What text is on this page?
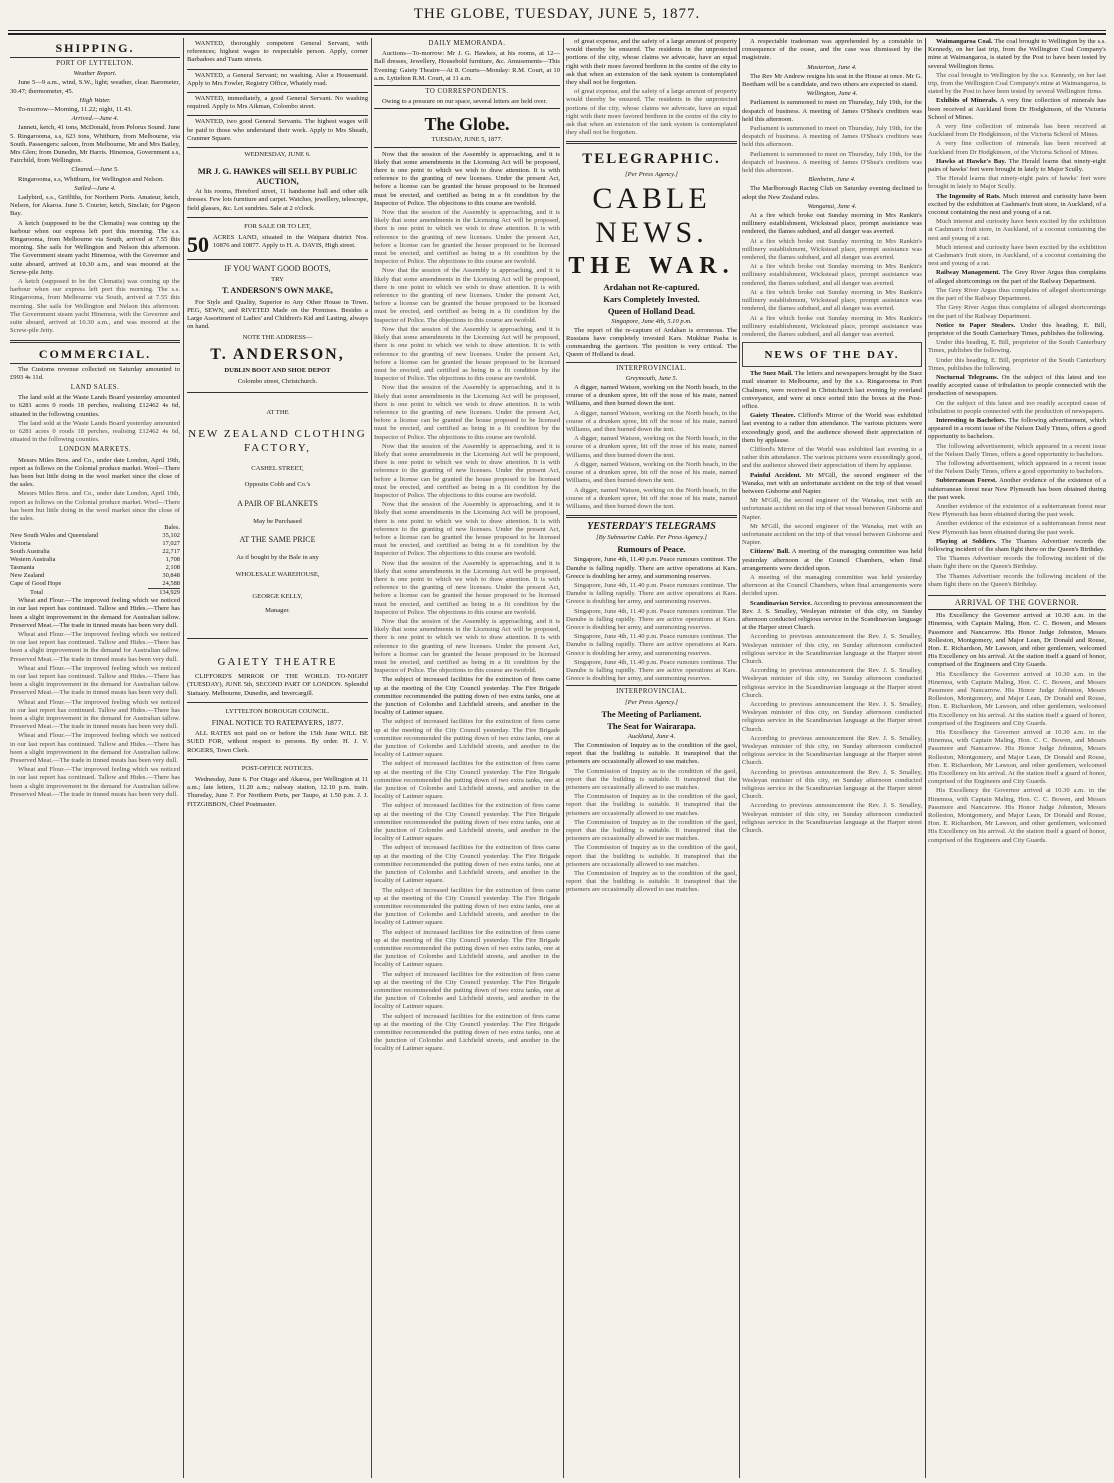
THE GLOBE, TUESDAY, JUNE 5, 1877.
SHIPPING.
PORT OF LYTTELTON.
Weather Report.

June 5—9 a.m., wind, S.W., light; weather, clear. Barometer, 30.47; thermometer, 45.

High Water.

To-morrow—Morning, 11.22; night, 11.43.

Arrived.—June 4.

Jannett, ketch, 41 tons, McDonald, from Pelorus Sound. June 5. Ringarooma, s.s, 623 tons, Whitburn, from Melbourne, via South. Passengers: saloon, from Melbourne, Mr and Mrs Bailey, Mrs Glen; from Dunedin, Mr Harris. Hinemoa, Government s.s, Fairchild, from Wellington.

Cleared.—June 5.

Ringarooma, s.s, Whitburn, for Wellington and Nelson.

Sailed—June 4.

Ladybird, s.s., Griffiths, for Northern Ports. Amateur, ketch, Nelson, for Akaroa. June 5. Courier, ketch, Sinclair, for Pigeon Bay.

A ketch (supposed to be the Clematis) was coming up the harbour when our express left port this morning. The s.s. Ringarooma, from Melbourne via South, arrived at 7.55 this morning. She sails for Wellington and Nelson this afternoon. The Government steam yacht Hinemoa, with the Governor and suite aboard, arrived at 10.30 a.m., and was moored at the Screw-pile Jetty.

A ketch (supposed to be the Clematis) was coming up the harbour when our express left port this morning. The s.s. Ringarooma, from Melbourne via South, arrived at 7.55 this morning. She sails for Wellington and Nelson this afternoon. The Government steam yacht Hinemoa, with the Governor and suite aboard, arrived at 10.30 a.m., and was moored at the Screw-pile Jetty.

COMMERCIAL.

The Customs revenue collected on Saturday amounted to £993 4s 11d.

LAND SALES.

The land sold at the Waste Lands Board yesterday amounted to 6281 acres 0 roods 18 perches, realising £12462 4s 6d, situated in the following counties.

The land sold at the Waste Lands Board yesterday amounted to 6281 acres 0 roods 18 perches, realising £12462 4s 6d, situated in the following counties.

LONDON MARKETS.

Messrs Miles Bros. and Co., under date London, April 19th, report as follows on the Colonial produce market. Wool—There has been but little doing in the wool market since the close of the sales.

Messrs Miles Bros. and Co., under date London, April 19th, report as follows on the Colonial produce market. Wool—There has been but little doing in the wool market since the close of the sales.

	Bales.
New South Wales and Queensland	35,102
Victoria	17,027
South Australia	22,717
Western Australia	1,708
Tasmania	2,108
New Zealand	30,848
Cape of Good Hope	24,588
Total	134,929

Wheat and Flour.—The improved feeling which we noticed in our last report has continued. Tallow and Hides.—There has been a slight improvement in the demand for Australian tallow. Preserved Meat.—The trade in tinned meats has been very dull.

Wheat and Flour.—The improved feeling which we noticed in our last report has continued. Tallow and Hides.—There has been a slight improvement in the demand for Australian tallow. Preserved Meat.—The trade in tinned meats has been very dull.

Wheat and Flour.—The improved feeling which we noticed in our last report has continued. Tallow and Hides.—There has been a slight improvement in the demand for Australian tallow. Preserved Meat.—The trade in tinned meats has been very dull.

Wheat and Flour.—The improved feeling which we noticed in our last report has continued. Tallow and Hides.—There has been a slight improvement in the demand for Australian tallow. Preserved Meat.—The trade in tinned meats has been very dull.

Wheat and Flour.—The improved feeling which we noticed in our last report has continued. Tallow and Hides.—There has been a slight improvement in the demand for Australian tallow. Preserved Meat.—The trade in tinned meats has been very dull.

Wheat and Flour.—The improved feeling which we noticed in our last report has continued. Tallow and Hides.—There has been a slight improvement in the demand for Australian tallow. Preserved Meat.—The trade in tinned meats has been very dull.

WANTED, thoroughly competent General Servant, with references; highest wages to respectable person. Apply, corner Barbadoes and Tuam streets.

WANTED, a General Servant; no washing. Also a Housemaid. Apply to Mrs Fowler, Registry Office, Whately road.

WANTED, immediately, a good General Servant. No washing required. Apply to Mrs Aikman, Colombo street.

WANTED, two good General Servants. The highest wages will be paid to those who understand their work. Apply to Mrs Sheath, Cranmer Square.

WEDNESDAY, JUNE 6.
MR J. G. HAWKES will SELL BY PUBLIC AUCTION,

At his rooms, Hereford street, 11 handsome hall and other silk dresses. Few lots furniture and carpet. Watches, jewellery, telescope, field glasses, &c. Lot sundries. Sale at 2 o'clock.

FOR SALE OR TO LET,
50 ACRES LAND, situated in the Waipara district Nos. 10876 and 10877. Apply to H. A. DAVIS, High street.
IF YOU WANT GOOD BOOTS,
TRY
T. ANDERSON'S OWN MAKE,

For Style and Quality, Superior to Any Other House in Town. PEG, SEWN, and RIVETED Made on the Premises. Besides a Large Assortment of Ladies' and Children's Kid and Lasting, always on hand.

NOTE THE ADDRESS—
T. ANDERSON,
DUBLIN BOOT AND SHOE DEPOT
Colombo street, Christchurch.
AT THE
NEW ZEALAND CLOTHING FACTORY,
CASHEL STREET,
Opposite Cobb and Co.'s
A PAIR OF BLANKETS
May be Purchased
AT THE SAME PRICE
As if bought by the Bale in any
WHOLESALE WAREHOUSE,
GEORGE KELLY,
Manager.
GAIETY THEATRE

CLIFFORD'S MIRROR OF THE WORLD. TO-NIGHT (TUESDAY), JUNE 5th, SECOND PART OF LONDON. Splendid Statuary. Melbourne, Dunedin, and Invercargill.

LYTTELTON BOROUGH COUNCIL.
FINAL NOTICE TO RATEPAYERS, 1877.

ALL RATES not paid on or before the 15th June WILL BE SUED FOR, without respect to persons. By order. H. J. V. ROGERS, Town Clerk.

POST-OFFICE NOTICES.

Wednesday, June 6. For Otago and Akaroa, per Wellington at 11 a.m.; late letters, 11.20 a.m.; railway station, 12.10 p.m. train. Thursday, June 7. For Northern Ports, per Taupo, at 1.50 p.m. J. J. FITZGIBBON, Chief Postmaster.

DAILY MEMORANDA.

Auctions—To-morrow: Mr J. G. Hawkes, at his rooms, at 12—Ball dresses, Jewellery, Household furniture, &c. Amusements—This Evening: Gaiety Theatre—At 8. Courts—Monday: R.M. Court, at 10 a.m. Lyttelton R.M. Court, at 11 a.m.

TO CORRESPONDENTS.

Owing to a pressure on our space, several letters are held over.

The Globe.
TUESDAY, JUNE 5, 1877.

Now that the session of the Assembly is approaching, and it is likely that some amendments in the Licensing Act will be proposed, there is one point to which we wish to draw attention. It is with reference to the granting of new licenses. Under the present Act, before a license can be granted the house proposed to be licensed must be erected, and certified as being in a fit condition by the Inspector of Police. The objections to this course are twofold.

Now that the session of the Assembly is approaching, and it is likely that some amendments in the Licensing Act will be proposed, there is one point to which we wish to draw attention. It is with reference to the granting of new licenses. Under the present Act, before a license can be granted the house proposed to be licensed must be erected, and certified as being in a fit condition by the Inspector of Police. The objections to this course are twofold.

Now that the session of the Assembly is approaching, and it is likely that some amendments in the Licensing Act will be proposed, there is one point to which we wish to draw attention. It is with reference to the granting of new licenses. Under the present Act, before a license can be granted the house proposed to be licensed must be erected, and certified as being in a fit condition by the Inspector of Police. The objections to this course are twofold.

Now that the session of the Assembly is approaching, and it is likely that some amendments in the Licensing Act will be proposed, there is one point to which we wish to draw attention. It is with reference to the granting of new licenses. Under the present Act, before a license can be granted the house proposed to be licensed must be erected, and certified as being in a fit condition by the Inspector of Police. The objections to this course are twofold.

Now that the session of the Assembly is approaching, and it is likely that some amendments in the Licensing Act will be proposed, there is one point to which we wish to draw attention. It is with reference to the granting of new licenses. Under the present Act, before a license can be granted the house proposed to be licensed must be erected, and certified as being in a fit condition by the Inspector of Police. The objections to this course are twofold.

Now that the session of the Assembly is approaching, and it is likely that some amendments in the Licensing Act will be proposed, there is one point to which we wish to draw attention. It is with reference to the granting of new licenses. Under the present Act, before a license can be granted the house proposed to be licensed must be erected, and certified as being in a fit condition by the Inspector of Police. The objections to this course are twofold.

Now that the session of the Assembly is approaching, and it is likely that some amendments in the Licensing Act will be proposed, there is one point to which we wish to draw attention. It is with reference to the granting of new licenses. Under the present Act, before a license can be granted the house proposed to be licensed must be erected, and certified as being in a fit condition by the Inspector of Police. The objections to this course are twofold.

Now that the session of the Assembly is approaching, and it is likely that some amendments in the Licensing Act will be proposed, there is one point to which we wish to draw attention. It is with reference to the granting of new licenses. Under the present Act, before a license can be granted the house proposed to be licensed must be erected, and certified as being in a fit condition by the Inspector of Police. The objections to this course are twofold.

Now that the session of the Assembly is approaching, and it is likely that some amendments in the Licensing Act will be proposed, there is one point to which we wish to draw attention. It is with reference to the granting of new licenses. Under the present Act, before a license can be granted the house proposed to be licensed must be erected, and certified as being in a fit condition by the Inspector of Police. The objections to this course are twofold.

The subject of increased facilities for the extinction of fires came up at the meeting of the City Council yesterday. The Fire Brigade committee recommended the putting down of two extra tanks, one at the junction of Colombo and Lichfield streets, and another in the locality of Latimer square.

The subject of increased facilities for the extinction of fires came up at the meeting of the City Council yesterday. The Fire Brigade committee recommended the putting down of two extra tanks, one at the junction of Colombo and Lichfield streets, and another in the locality of Latimer square.

The subject of increased facilities for the extinction of fires came up at the meeting of the City Council yesterday. The Fire Brigade committee recommended the putting down of two extra tanks, one at the junction of Colombo and Lichfield streets, and another in the locality of Latimer square.

The subject of increased facilities for the extinction of fires came up at the meeting of the City Council yesterday. The Fire Brigade committee recommended the putting down of two extra tanks, one at the junction of Colombo and Lichfield streets, and another in the locality of Latimer square.

The subject of increased facilities for the extinction of fires came up at the meeting of the City Council yesterday. The Fire Brigade committee recommended the putting down of two extra tanks, one at the junction of Colombo and Lichfield streets, and another in the locality of Latimer square.

The subject of increased facilities for the extinction of fires came up at the meeting of the City Council yesterday. The Fire Brigade committee recommended the putting down of two extra tanks, one at the junction of Colombo and Lichfield streets, and another in the locality of Latimer square.

The subject of increased facilities for the extinction of fires came up at the meeting of the City Council yesterday. The Fire Brigade committee recommended the putting down of two extra tanks, one at the junction of Colombo and Lichfield streets, and another in the locality of Latimer square.

The subject of increased facilities for the extinction of fires came up at the meeting of the City Council yesterday. The Fire Brigade committee recommended the putting down of two extra tanks, one at the junction of Colombo and Lichfield streets, and another in the locality of Latimer square.

The subject of increased facilities for the extinction of fires came up at the meeting of the City Council yesterday. The Fire Brigade committee recommended the putting down of two extra tanks, one at the junction of Colombo and Lichfield streets, and another in the locality of Latimer square.

of great expense, and the safety of a large amount of property would thereby be ensured. The residents in the unprotected portions of the city, whose claims we advocate, have an equal right with their more favored brethren in the centre of the city to ask that when an extension of the tank system is contemplated they shall not be forgotten.

of great expense, and the safety of a large amount of property would thereby be ensured. The residents in the unprotected portions of the city, whose claims we advocate, have an equal right with their more favored brethren in the centre of the city to ask that when an extension of the tank system is contemplated they shall not be forgotten.

TELEGRAPHIC.
[Per Press Agency.]
CABLE NEWS.
THE WAR.
Ardahan not Re-captured.
Kars Completely Invested.
Queen of Holland Dead.
Singapore, June 4th, 5.10 p.m.

The report of the re-capture of Ardahan is erroneous. The Russians have completely invested Kars. Mukhtar Pasha is commanding the garrison. The position is very critical. The Queen of Holland is dead.

INTERPROVINCIAL.
Greymouth, June 5.

A digger, named Watson, working on the North beach, in the course of a drunken spree, bit off the nose of his mate, named Williams, and then burned down the tent.

A digger, named Watson, working on the North beach, in the course of a drunken spree, bit off the nose of his mate, named Williams, and then burned down the tent.

A digger, named Watson, working on the North beach, in the course of a drunken spree, bit off the nose of his mate, named Williams, and then burned down the tent.

A digger, named Watson, working on the North beach, in the course of a drunken spree, bit off the nose of his mate, named Williams, and then burned down the tent.

A digger, named Watson, working on the North beach, in the course of a drunken spree, bit off the nose of his mate, named Williams, and then burned down the tent.

YESTERDAY'S TELEGRAMS
[By Submarine Cable. Per Press Agency.]
Rumours of Peace.

Singapore, June 4th, 11.40 p.m. Peace rumours continue. The Danube is falling rapidly. There are active operations at Kars. Greece is doubling her army, and summoning reserves.

Singapore, June 4th, 11.40 p.m. Peace rumours continue. The Danube is falling rapidly. There are active operations at Kars. Greece is doubling her army, and summoning reserves.

Singapore, June 4th, 11.40 p.m. Peace rumours continue. The Danube is falling rapidly. There are active operations at Kars. Greece is doubling her army, and summoning reserves.

Singapore, June 4th, 11.40 p.m. Peace rumours continue. The Danube is falling rapidly. There are active operations at Kars. Greece is doubling her army, and summoning reserves.

Singapore, June 4th, 11.40 p.m. Peace rumours continue. The Danube is falling rapidly. There are active operations at Kars. Greece is doubling her army, and summoning reserves.

INTERPROVINCIAL.
[Per Press Agency.]
The Meeting of Parliament.
The Seat for Wairarapa.
Auckland, June 4.

The Commission of Inquiry as to the condition of the gaol, report that the building is suitable. It transpired that the prisoners are occasionally allowed to use matches.

The Commission of Inquiry as to the condition of the gaol, report that the building is suitable. It transpired that the prisoners are occasionally allowed to use matches.

The Commission of Inquiry as to the condition of the gaol, report that the building is suitable. It transpired that the prisoners are occasionally allowed to use matches.

The Commission of Inquiry as to the condition of the gaol, report that the building is suitable. It transpired that the prisoners are occasionally allowed to use matches.

The Commission of Inquiry as to the condition of the gaol, report that the building is suitable. It transpired that the prisoners are occasionally allowed to use matches.

The Commission of Inquiry as to the condition of the gaol, report that the building is suitable. It transpired that the prisoners are occasionally allowed to use matches.

A respectable tradesman was apprehended by a constable in consequence of the cease, and the case was dismissed by the magistrate.

Masterton, June 4.

The Rev Mr Andrew resigns his seat in the House at once. Mr G. Beetham will be a candidate, and two others are expected to stand.

Wellington, June 4.

Parliament is summoned to meet on Thursday, July 19th, for the despatch of business. A meeting of James O'Shea's creditors was held this afternoon.

Parliament is summoned to meet on Thursday, July 19th, for the despatch of business. A meeting of James O'Shea's creditors was held this afternoon.

Parliament is summoned to meet on Thursday, July 19th, for the despatch of business. A meeting of James O'Shea's creditors was held this afternoon.

Blenheim, June 4.

The Marlborough Racing Club on Saturday evening declined to adopt the New Zealand rules.

Wanganui, June 4.

At a fire which broke out Sunday morning in Mrs Rankin's millinery establishment, Wickstead place, prompt assistance was rendered, the flames subdued, and all danger was averted.

At a fire which broke out Sunday morning in Mrs Rankin's millinery establishment, Wickstead place, prompt assistance was rendered, the flames subdued, and all danger was averted.

At a fire which broke out Sunday morning in Mrs Rankin's millinery establishment, Wickstead place, prompt assistance was rendered, the flames subdued, and all danger was averted.

At a fire which broke out Sunday morning in Mrs Rankin's millinery establishment, Wickstead place, prompt assistance was rendered, the flames subdued, and all danger was averted.

At a fire which broke out Sunday morning in Mrs Rankin's millinery establishment, Wickstead place, prompt assistance was rendered, the flames subdued, and all danger was averted.

NEWS OF THE DAY.

The Suez Mail. The letters and newspapers brought by the Suez mail steamer to Melbourne, and by the s.s. Ringarooma to Port Chalmers, were received in Christchurch last evening by overland conveyance, and were at once sorted into the boxes at the Post-office.

Gaiety Theatre. Clifford's Mirror of the World was exhibited last evening to a rather thin attendance. The various pictures were exceedingly good, and the audience showed their appreciation of them by applause.

Clifford's Mirror of the World was exhibited last evening to a rather thin attendance. The various pictures were exceedingly good, and the audience showed their appreciation of them by applause.

Painful Accident. Mr M'Gill, the second engineer of the Wanaka, met with an unfortunate accident on the trip of that vessel between Gisborne and Napier.

Mr M'Gill, the second engineer of the Wanaka, met with an unfortunate accident on the trip of that vessel between Gisborne and Napier.

Mr M'Gill, the second engineer of the Wanaka, met with an unfortunate accident on the trip of that vessel between Gisborne and Napier.

Citizens' Ball. A meeting of the managing committee was held yesterday afternoon at the Council Chambers, when final arrangements were decided upon.

A meeting of the managing committee was held yesterday afternoon at the Council Chambers, when final arrangements were decided upon.

Scandinavian Service. According to previous announcement the Rev. J. S. Smalley, Wesleyan minister of this city, on Sunday afternoon conducted religious service in the Scandinavian language at the Harper street Church.

According to previous announcement the Rev. J. S. Smalley, Wesleyan minister of this city, on Sunday afternoon conducted religious service in the Scandinavian language at the Harper street Church.

According to previous announcement the Rev. J. S. Smalley, Wesleyan minister of this city, on Sunday afternoon conducted religious service in the Scandinavian language at the Harper street Church.

According to previous announcement the Rev. J. S. Smalley, Wesleyan minister of this city, on Sunday afternoon conducted religious service in the Scandinavian language at the Harper street Church.

According to previous announcement the Rev. J. S. Smalley, Wesleyan minister of this city, on Sunday afternoon conducted religious service in the Scandinavian language at the Harper street Church.

According to previous announcement the Rev. J. S. Smalley, Wesleyan minister of this city, on Sunday afternoon conducted religious service in the Scandinavian language at the Harper street Church.

According to previous announcement the Rev. J. S. Smalley, Wesleyan minister of this city, on Sunday afternoon conducted religious service in the Scandinavian language at the Harper street Church.

Waimangaroa Coal. The coal brought to Wellington by the s.s. Kennedy, on her last trip, from the Wellington Coal Company's mine at Waimangaroa, is stated by the Post to have been tested by several Wellington firms.

The coal brought to Wellington by the s.s. Kennedy, on her last trip, from the Wellington Coal Company's mine at Waimangaroa, is stated by the Post to have been tested by several Wellington firms.

Exhibits of Minerals. A very fine collection of minerals has been received at Auckland from Dr Hodgkinson, of the Victoria School of Mines.

A very fine collection of minerals has been received at Auckland from Dr Hodgkinson, of the Victoria School of Mines.

A very fine collection of minerals has been received at Auckland from Dr Hodgkinson, of the Victoria School of Mines.

Hawks at Hawke's Bay. The Herald learns that ninety-eight pairs of hawks' feet were brought in lately to Major Scully.

The Herald learns that ninety-eight pairs of hawks' feet were brought in lately to Major Scully.

The Ingenuity of Rats. Much interest and curiosity have been excited by the exhibition at Cashman's fruit store, in Auckland, of a coconut containing the nest and young of a rat.

Much interest and curiosity have been excited by the exhibition at Cashman's fruit store, in Auckland, of a coconut containing the nest and young of a rat.

Much interest and curiosity have been excited by the exhibition at Cashman's fruit store, in Auckland, of a coconut containing the nest and young of a rat.

Railway Management. The Grey River Argus thus complains of alleged shortcomings on the part of the Railway Department.

The Grey River Argus thus complains of alleged shortcomings on the part of the Railway Department.

The Grey River Argus thus complains of alleged shortcomings on the part of the Railway Department.

Notice to Paper Stealers. Under this heading, E. Bill, proprietor of the South Canterbury Times, publishes the following.

Under this heading, E. Bill, proprietor of the South Canterbury Times, publishes the following.

Under this heading, E. Bill, proprietor of the South Canterbury Times, publishes the following.

Nocturnal Telegrams. On the subject of this latest and too readily accepted cause of tribulation to people connected with the production of newspapers.

On the subject of this latest and too readily accepted cause of tribulation to people connected with the production of newspapers.

Interesting to Bachelors. The following advertisement, which appeared in a recent issue of the Nelson Daily Times, offers a good opportunity to bachelors.

The following advertisement, which appeared in a recent issue of the Nelson Daily Times, offers a good opportunity to bachelors.

The following advertisement, which appeared in a recent issue of the Nelson Daily Times, offers a good opportunity to bachelors.

Subterranean Forest. Another evidence of the existence of a subterranean forest near New Plymouth has been obtained during the past week.

Another evidence of the existence of a subterranean forest near New Plymouth has been obtained during the past week.

Another evidence of the existence of a subterranean forest near New Plymouth has been obtained during the past week.

Playing at Soldiers. The Thames Advertiser records the following incident of the sham fight there on the Queen's Birthday.

The Thames Advertiser records the following incident of the sham fight there on the Queen's Birthday.

The Thames Advertiser records the following incident of the sham fight there on the Queen's Birthday.

ARRIVAL OF THE GOVERNOR.

His Excellency the Governor arrived at 10.30 a.m. in the Hinemoa, with Captain Maling, Hon. C. C. Bowen, and Messrs Passmore and Nancarrow. His Honor Judge Johnston, Messrs Rolleston, Montgomery, and Major Lean, Dr Donald and Rouse, Hon. E. Richardson, Mr Lawson, and other gentlemen, welcomed His Excellency on his arrival. At the station itself a guard of honor, comprised of the Engineers and City Guards.

His Excellency the Governor arrived at 10.30 a.m. in the Hinemoa, with Captain Maling, Hon. C. C. Bowen, and Messrs Passmore and Nancarrow. His Honor Judge Johnston, Messrs Rolleston, Montgomery, and Major Lean, Dr Donald and Rouse, Hon. E. Richardson, Mr Lawson, and other gentlemen, welcomed His Excellency on his arrival. At the station itself a guard of honor, comprised of the Engineers and City Guards.

His Excellency the Governor arrived at 10.30 a.m. in the Hinemoa, with Captain Maling, Hon. C. C. Bowen, and Messrs Passmore and Nancarrow. His Honor Judge Johnston, Messrs Rolleston, Montgomery, and Major Lean, Dr Donald and Rouse, Hon. E. Richardson, Mr Lawson, and other gentlemen, welcomed His Excellency on his arrival. At the station itself a guard of honor, comprised of the Engineers and City Guards.

His Excellency the Governor arrived at 10.30 a.m. in the Hinemoa, with Captain Maling, Hon. C. C. Bowen, and Messrs Passmore and Nancarrow. His Honor Judge Johnston, Messrs Rolleston, Montgomery, and Major Lean, Dr Donald and Rouse, Hon. E. Richardson, Mr Lawson, and other gentlemen, welcomed His Excellency on his arrival. At the station itself a guard of honor, comprised of the Engineers and City Guards.
